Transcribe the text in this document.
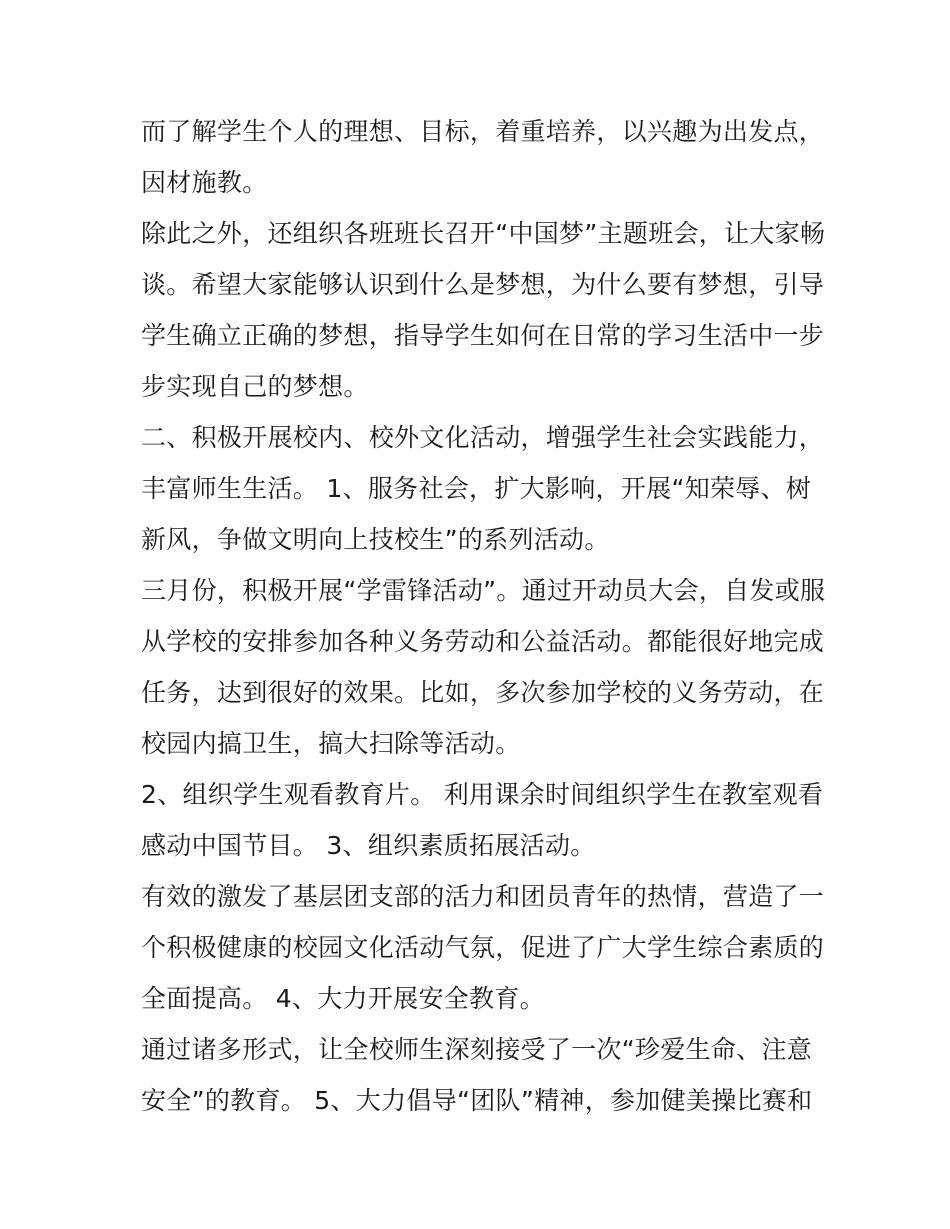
而了解学生个人的理想、目标，着重培养，以兴趣为出发点，
因材施教。
除此之外，还组织各班班长召开“中国梦”主题班会，让大家畅
谈。希望大家能够认识到什么是梦想，为什么要有梦想，引导
学生确立正确的梦想，指导学生如何在日常的学习生活中一步
步实现自己的梦想。
二、积极开展校内、校外文化活动，增强学生社会实践能力，
丰富师生生活。 1、服务社会，扩大影响，开展“知荣辱、树
新风，争做文明向上技校生”的系列活动。
三月份，积极开展“学雷锋活动”。通过开动员大会，自发或服
从学校的安排参加各种义务劳动和公益活动。都能很好地完成
任务，达到很好的效果。比如，多次参加学校的义务劳动，在
校园内搞卫生，搞大扫除等活动。
2、组织学生观看教育片。 利用课余时间组织学生在教室观看
感动中国节目。 3、组织素质拓展活动。
有效的激发了基层团支部的活力和团员青年的热情，营造了一
个积极健康的校园文化活动气氛，促进了广大学生综合素质的
全面提高。 4、大力开展安全教育。
通过诸多形式，让全校师生深刻接受了一次“珍爱生命、注意
安全”的教育。 5、大力倡导“团队”精神，参加健美操比赛和
